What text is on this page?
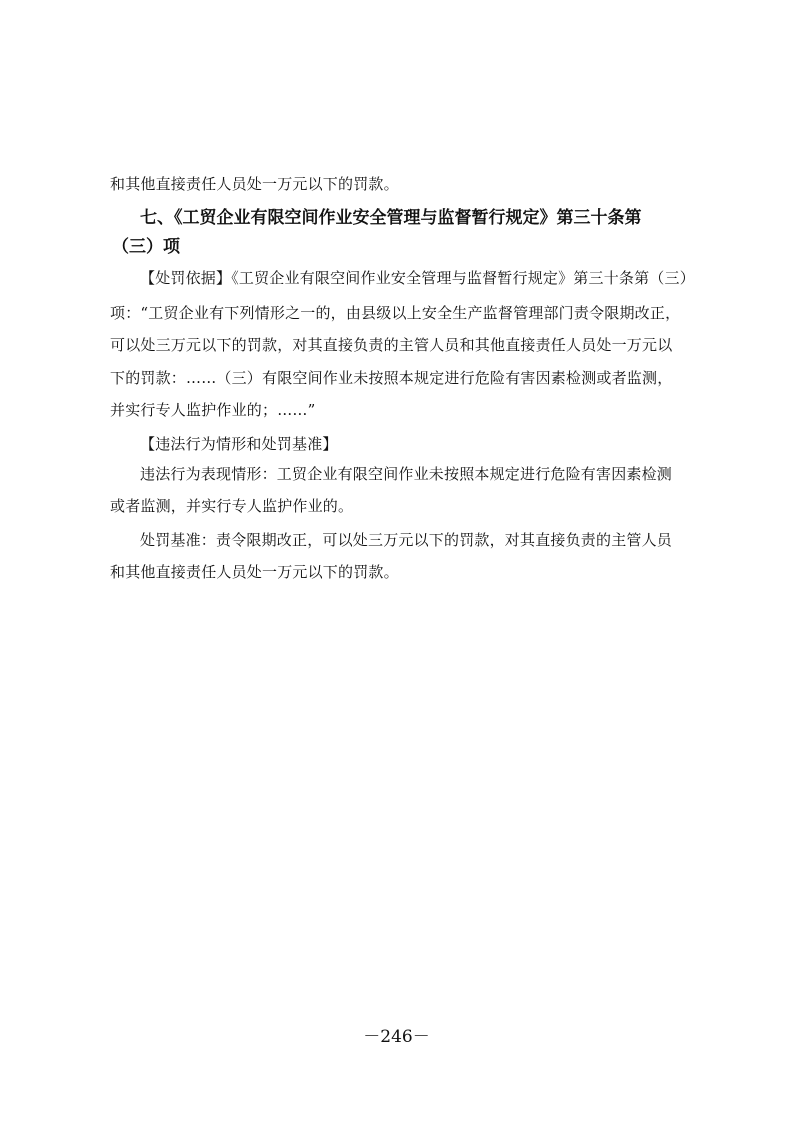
和其他直接责任人员处一万元以下的罚款。
七、《工贸企业有限空间作业安全管理与监督暂行规定》第三十条第
（三）项
【处罚依据】《工贸企业有限空间作业安全管理与监督暂行规定》第三十条第（三）
项：“工贸企业有下列情形之一的，由县级以上安全生产监督管理部门责令限期改正，
可以处三万元以下的罚款，对其直接负责的主管人员和其他直接责任人员处一万元以
下的罚款：……（三）有限空间作业未按照本规定进行危险有害因素检测或者监测，
并实行专人监护作业的；……”
【违法行为情形和处罚基准】
违法行为表现情形：工贸企业有限空间作业未按照本规定进行危险有害因素检测
或者监测，并实行专人监护作业的。
处罚基准：责令限期改正，可以处三万元以下的罚款，对其直接负责的主管人员
和其他直接责任人员处一万元以下的罚款。
－246－
